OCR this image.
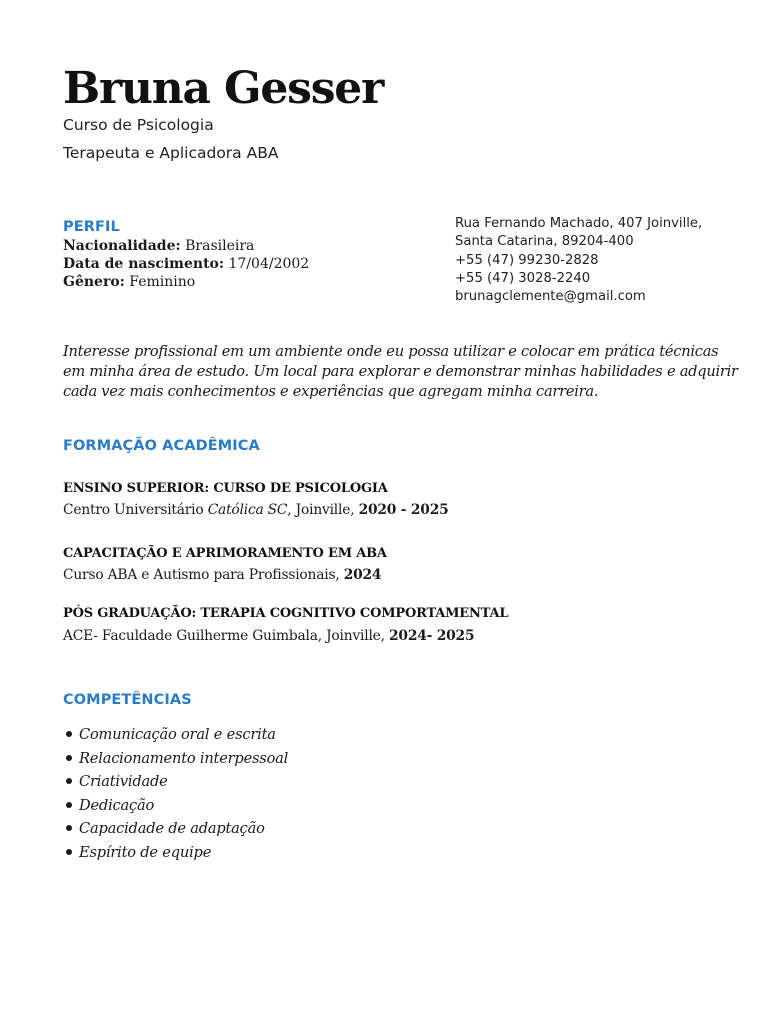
Bruna Gesser
Curso de Psicologia
Terapeuta e Aplicadora ABA
PERFIL
Nacionalidade: Brasileira
Data de nascimento: 17/04/2002
Gênero: Feminino
Rua Fernando Machado, 407 Joinville,
Santa Catarina, 89204-400
+55 (47) 99230-2828
+55 (47) 3028-2240
brunagclemente@gmail.com
Interesse profissional em um ambiente onde eu possa utilizar e colocar em prática técnicas em minha área de estudo. Um local para explorar e demonstrar minhas habilidades e adquirir cada vez mais conhecimentos e experiências que agregam minha carreira.
FORMAÇÃO ACADÊMICA
ENSINO SUPERIOR: CURSO DE PSICOLOGIA
Centro Universitário Católica SC, Joinville, 2020 - 2025
CAPACITAÇÃO E APRIMORAMENTO EM ABA
Curso ABA e Autismo para Profissionais, 2024
PÓS GRADUAÇÃO: TERAPIA COGNITIVO COMPORTAMENTAL
ACE- Faculdade Guilherme Guimbala, Joinville, 2024- 2025
COMPETÊNCIAS
Comunicação oral e escrita
Relacionamento interpessoal
Criatividade
Dedicação
Capacidade de adaptação
Espírito de equipe
